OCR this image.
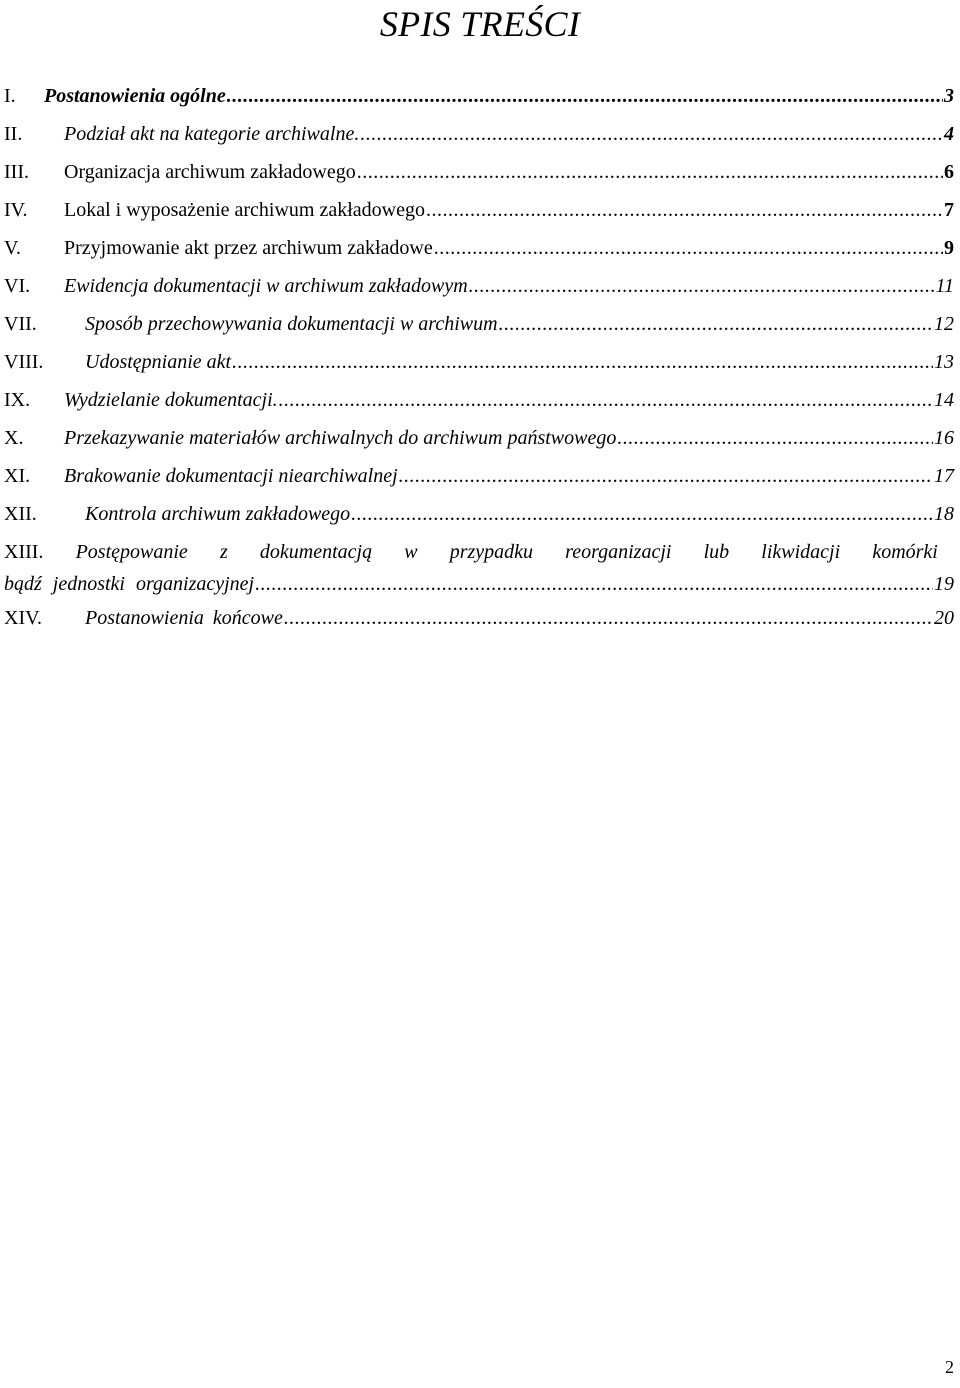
SPIS TREŚCI
I.	Postanowienia ogólne .....	3
II.	Podział akt na kategorie archiwalne. .....	4
III.	Organizacja archiwum zakładowego .....	6
IV.	Lokal i wyposażenie archiwum zakładowego .....	7
V.	Przyjmowanie akt przez archiwum zakładowe .....	9
VI.	Ewidencja dokumentacji w archiwum zakładowym .....	11
VII.	Sposób przechowywania dokumentacji w archiwum .....	12
VIII.	Udostępnianie akt .....	13
IX.	Wydzielanie dokumentacji. .....	14
X.	Przekazywanie materiałów archiwalnych do archiwum państwowego .....	16
XI.	Brakowanie dokumentacji niearchiwalnej .....	17
XII.	Kontrola archiwum zakładowego .....	18
XIII. Postępowanie z dokumentacją w przypadku reorganizacji lub likwidacji komórki
bądź jednostki organizacyjnej .....	19
XIV.	Postanowienia końcowe .....	20
2
